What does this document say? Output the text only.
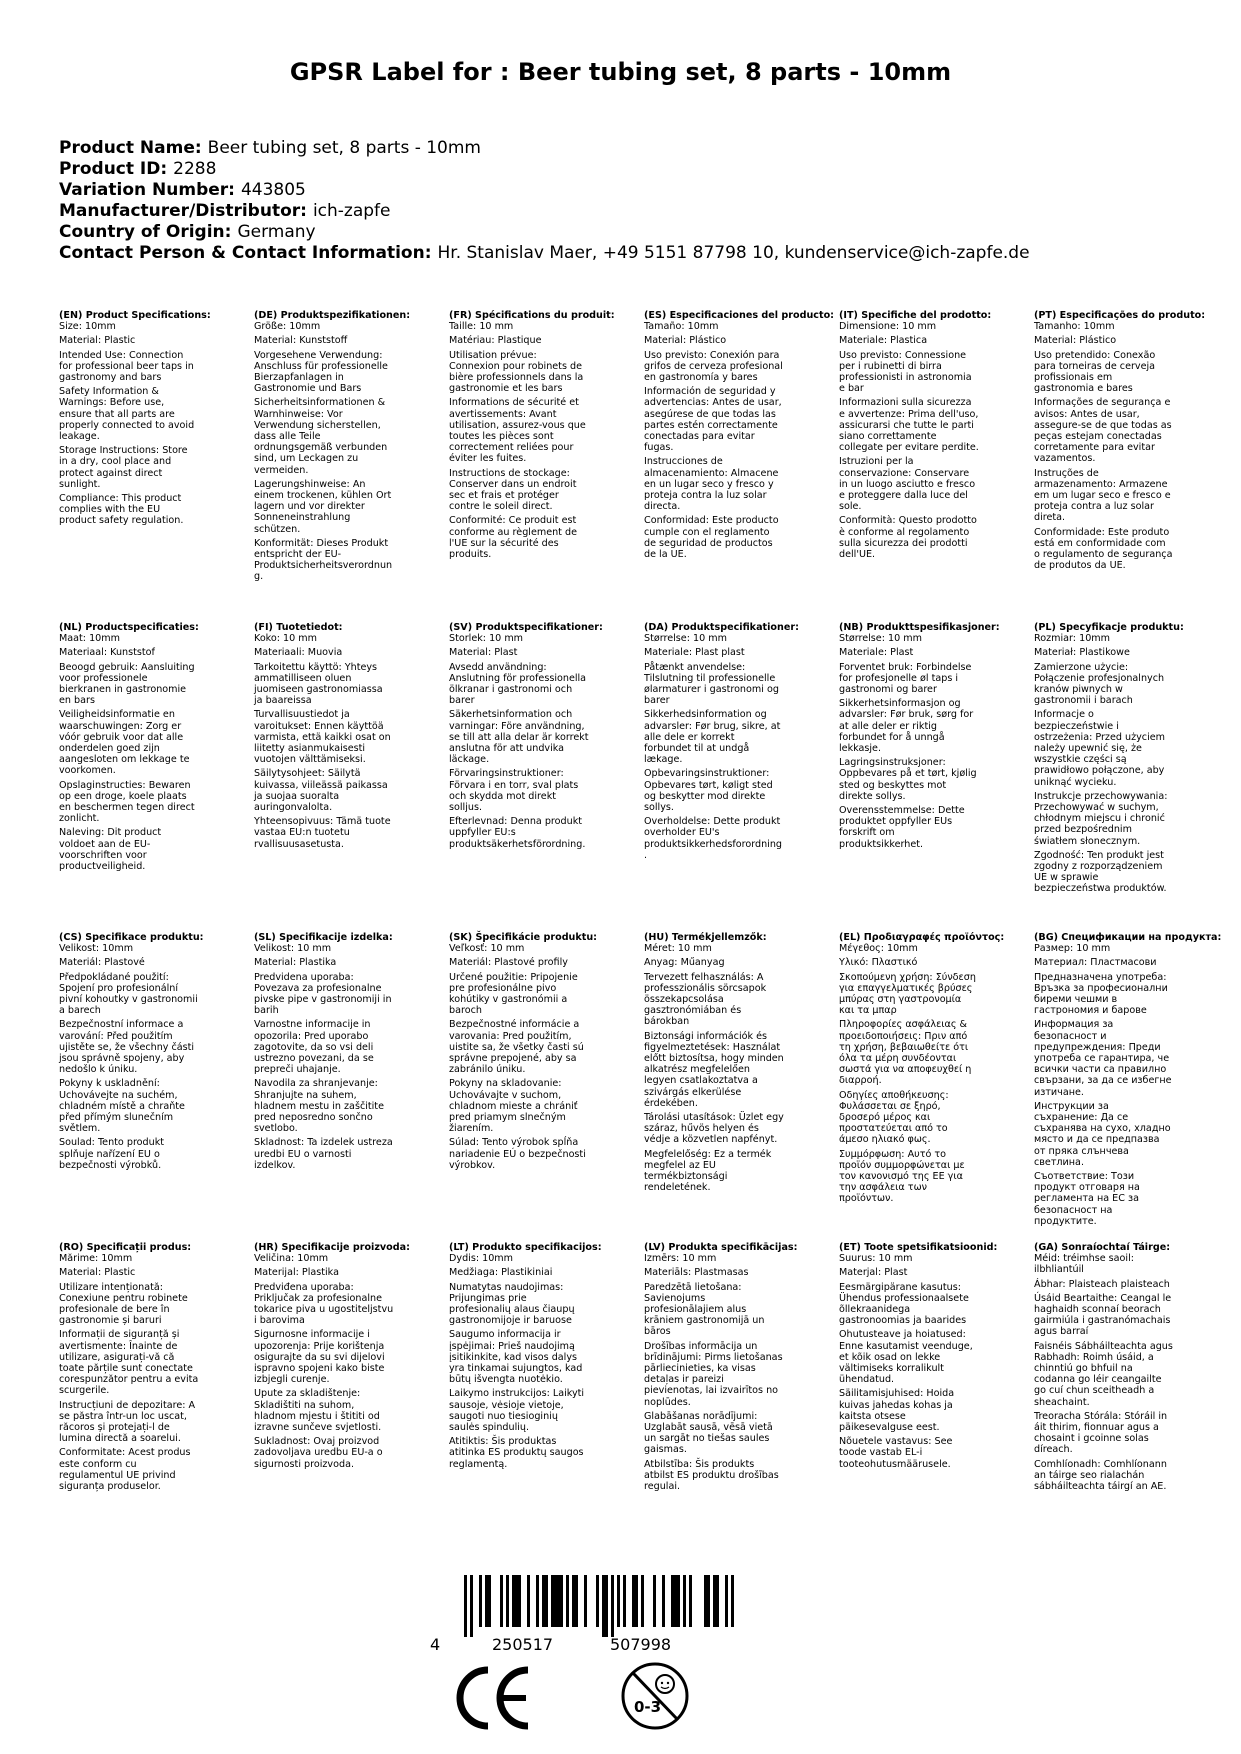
GPSR Label for : Beer tubing set, 8 parts - 10mm
Product Name: Beer tubing set, 8 parts - 10mm
Product ID: 2288
Variation Number: 443805
Manufacturer/Distributor: ich-zapfe
Country of Origin: Germany
Contact Person & Contact Information: Hr. Stanislav Maer, +49 5151 87798 10, kundenservice@ich-zapfe.de
(EN) Product Specifications:
Size: 10mm
Material: Plastic
Intended Use: Connection for professional beer taps in gastronomy and bars
Safety Information & Warnings: Before use, ensure that all parts are properly connected to avoid leakage.
Storage Instructions: Store in a dry, cool place and protect against direct sunlight.
Compliance: This product complies with the EU product safety regulation.
(DE) Produktspezifikationen:
Größe: 10mm
Material: Kunststoff
Vorgesehene Verwendung: Anschluss für professionelle Bierzapfanlagen in Gastronomie und Bars
Sicherheitsinformationen & Warnhinweise: Vor Verwendung sicherstellen, dass alle Teile ordnungsgemäß verbunden sind, um Leckagen zu vermeiden.
Lagerungshinweise: An einem trockenen, kühlen Ort lagern und vor direkter Sonneneinstrahlung schützen.
Konformität: Dieses Produkt entspricht der EU-Produktsicherheitsverordnung.
(FR) Spécifications du produit:
Taille: 10 mm
Matériau: Plastique
Utilisation prévue: Connexion pour robinets de bière professionnels dans la gastronomie et les bars
Informations de sécurité et avertissements: Avant utilisation, assurez-vous que toutes les pièces sont correctement reliées pour éviter les fuites.
Instructions de stockage: Conserver dans un endroit sec et frais et protéger contre le soleil direct.
Conformité: Ce produit est conforme au règlement de l'UE sur la sécurité des produits.
(ES) Especificaciones del producto:
Tamaño: 10mm
Material: Plástico
Uso previsto: Conexión para grifos de cerveza profesional en gastronomía y bares
Información de seguridad y advertencias: Antes de usar, asegúrese de que todas las partes estén correctamente conectadas para evitar fugas.
Instrucciones de almacenamiento: Almacene en un lugar seco y fresco y proteja contra la luz solar directa.
Conformidad: Este producto cumple con el reglamento de seguridad de productos de la UE.
(IT) Specifiche del prodotto:
Dimensione: 10 mm
Materiale: Plastica
Uso previsto: Connessione per i rubinetti di birra professionisti in astronomia e bar
Informazioni sulla sicurezza e avvertenze: Prima dell'uso, assicurarsi che tutte le parti siano correttamente collegate per evitare perdite.
Istruzioni per la conservazione: Conservare in un luogo asciutto e fresco e proteggere dalla luce del sole.
Conformità: Questo prodotto è conforme al regolamento sulla sicurezza dei prodotti dell'UE.
(PT) Especificações do produto:
Tamanho: 10mm
Material: Plástico
Uso pretendido: Conexão para torneiras de cerveja profissionais em gastronomia e bares
Informações de segurança e avisos: Antes de usar, assegure-se de que todas as peças estejam conectadas corretamente para evitar vazamentos.
Instruções de armazenamento: Armazene em um lugar seco e fresco e proteja contra a luz solar direta.
Conformidade: Este produto está em conformidade com o regulamento de segurança de produtos da UE.
(NL) Productspecificaties:
Maat: 10mm
Materiaal: Kunststof
Beoogd gebruik: Aansluiting voor professionele bierkranen in gastronomie en bars
Veiligheidsinformatie en waarschuwingen: Zorg er vóór gebruik voor dat alle onderdelen goed zijn aangesloten om lekkage te voorkomen.
Opslaginstructies: Bewaren op een droge, koele plaats en beschermen tegen direct zonlicht.
Naleving: Dit product voldoet aan de EU-voorschriften voor productveiligheid.
(FI) Tuotetiedot:
Koko: 10 mm
Materiaali: Muovia
Tarkoitettu käyttö: Yhteys ammatilliseen oluen juomiseen gastronomiassa ja baareissa
Turvallisuustiedot ja varoitukset: Ennen käyttöä varmista, että kaikki osat on liitetty asianmukaisesti vuotojen välttämiseksi.
Säilytysohjeet: Säilytä kuivassa, viileässä paikassa ja suojaa suoralta auringonvalolta.
Yhteensopivuus: Tämä tuote vastaa EU:n tuotetu rvallisuusasetusta.
(SV) Produktspecifikationer:
Storlek: 10 mm
Material: Plast
Avsedd användning: Anslutning för professionella ölkranar i gastronomi och barer
Säkerhetsinformation och varningar: Före användning, se till att alla delar är korrekt anslutna för att undvika läckage.
Förvaringsinstruktioner: Förvara i en torr, sval plats och skydda mot direkt solljus.
Efterlevnad: Denna produkt uppfyller EU:s produktsäkerhetsförordning.
(DA) Produktspecifikationer:
Størrelse: 10 mm
Materiale: Plast plast
Påtænkt anvendelse: Tilslutning til professionelle ølarmaturer i gastronomi og barer
Sikkerhedsinformation og advarsler: Før brug, sikre, at alle dele er korrekt forbundet til at undgå lækage.
Opbevaringsinstruktioner: Opbevares tørt, køligt sted og beskytter mod direkte sollys.
Overholdelse: Dette produkt overholder EU's produktsikkerhedsforordning.
(NB) Produkttspesifikasjoner:
Størrelse: 10 mm
Materiale: Plast
Forventet bruk: Forbindelse for profesjonelle øl taps i gastronomi og barer
Sikkerhetsinformasjon og advarsler: Før bruk, sørg for at alle deler er riktig forbundet for å unngå lekkasje.
Lagringsinstruksjoner: Oppbevares på et tørt, kjølig sted og beskyttes mot direkte sollys.
Overensstemmelse: Dette produktet oppfyller EUs forskrift om produktsikkerhet.
(PL) Specyfikacje produktu:
Rozmiar: 10mm
Materiał: Plastikowe
Zamierzone użycie: Połączenie profesjonalnych kranów piwnych w gastronomii i barach
Informacje o bezpieczeństwie i ostrzeżenia: Przed użyciem należy upewnić się, że wszystkie części są prawidłowo połączone, aby uniknąć wycieku.
Instrukcje przechowywania: Przechowywać w suchym, chłodnym miejscu i chronić przed bezpośrednim światłem słonecznym.
Zgodność: Ten produkt jest zgodny z rozporządzeniem UE w sprawie bezpieczeństwa produktów.
(CS) Specifikace produktu:
Velikost: 10mm
Materiál: Plastové
Předpokládané použití: Spojení pro profesionální pivní kohoutky v gastronomii a barech
Bezpečnostní informace a varování: Před použitím ujistěte se, že všechny části jsou správně spojeny, aby nedošlo k úniku.
Pokyny k uskladnění: Uchovávejte na suchém, chladném místě a chraňte před přímým slunečním světlem.
Soulad: Tento produkt splňuje nařízení EU o bezpečnosti výrobků.
(SL) Specifikacije izdelka:
Velikost: 10 mm
Material: Plastika
Predvidena uporaba: Povezava za profesionalne pivske pipe v gastronomiji in barih
Varnostne informacije in opozorila: Pred uporabo zagotovite, da so vsi deli ustrezno povezani, da se prepreči uhajanje.
Navodila za shranjevanje: Shranjujte na suhem, hladnem mestu in zaščitite pred neposredno sončno svetlobo.
Skladnost: Ta izdelek ustreza uredbi EU o varnosti izdelkov.
(SK) Špecifikácie produktu:
Veľkosť: 10 mm
Materiál: Plastové profily
Určené použitie: Pripojenie pre profesionálne pivo kohútiky v gastronómii a baroch
Bezpečnostné informácie a varovania: Pred použitím, uistite sa, že všetky časti sú správne prepojené, aby sa zabránilo úniku.
Pokyny na skladovanie: Uchovávajte v suchom, chladnom mieste a chrániť pred priamym slnečným žiarením.
Súlad: Tento výrobok spĺňa nariadenie EÚ o bezpečnosti výrobkov.
(HU) Termékjellemzők:
Méret: 10 mm
Anyag: Műanyag
Tervezett felhasználás: A professzionális sörcsapok összekapcsolása gasztronómiában és bárokban
Biztonsági információk és figyelmeztetések: Használat előtt biztosítsa, hogy minden alkatrész megfelelően legyen csatlakoztatva a szivárgás elkerülése érdekében.
Tárolási utasítások: Üzlet egy száraz, hűvös helyen és védje a közvetlen napfényt.
Megfelelőség: Ez a termék megfelel az EU termékbiztonsági rendeletének.
(EL) Προδιαγραφές προϊόντος:
Μέγεθος: 10mm
Υλικό: Πλαστικό
Σκοπούμενη χρήση: Σύνδεση για επαγγελματικές βρύσες μπύρας στη γαστρονομία και τα μπαρ
Πληροφορίες ασφάλειας & προειδοποιήσεις: Πριν από τη χρήση, βεβαιωθείτε ότι όλα τα μέρη συνδέονται σωστά για να αποφευχθεί η διαρροή.
Οδηγίες αποθήκευσης: Φυλάσσεται σε ξηρό, δροσερό μέρος και προστατεύεται από το άμεσο ηλιακό φως.
Συμμόρφωση: Αυτό το προϊόν συμμορφώνεται με τον κανονισμό της ΕΕ για την ασφάλεια των προϊόντων.
(BG) Спецификации на продукта:
Размер: 10 mm
Материал: Пластмасови
Предназначена употреба: Връзка за професионални биреми чешми в гастрономия и барове
Информация за безопасност и предупреждения: Преди употреба се гарантира, че всички части са правилно свързани, за да се избегне изтичане.
Инструкции за съхранение: Да се съхранява на сухо, хладно място и да се предпазва от пряка слънчева светлина.
Съответствие: Този продукт отговаря на регламента на ЕС за безопасност на продуктите.
(RO) Specificații produs:
Mărime: 10mm
Material: Plastic
Utilizare intenționată: Conexiune pentru robinete profesionale de bere în gastronomie și baruri
Informații de siguranță și avertismente: Înainte de utilizare, asigurați-vă că toate părțile sunt conectate corespunzător pentru a evita scurgerile.
Instrucțiuni de depozitare: A se păstra într-un loc uscat, răcoros și protejați-l de lumina directă a soarelui.
Conformitate: Acest produs este conform cu regulamentul UE privind siguranța produselor.
(HR) Specifikacije proizvoda:
Veličina: 10mm
Materijal: Plastika
Predviđena uporaba: Priključak za profesionalne tokarice piva u ugostiteljstvu i barovima
Sigurnosne informacije i upozorenja: Prije korištenja osigurajte da su svi dijelovi ispravno spojeni kako biste izbjegli curenje.
Upute za skladištenje: Skladištiti na suhom, hladnom mjestu i štititi od izravne sunčeve svjetlosti.
Sukladnost: Ovaj proizvod zadovoljava uredbu EU-a o sigurnosti proizvoda.
(LT) Produkto specifikacijos:
Dydis: 10mm
Medžiaga: Plastikiniai
Numatytas naudojimas: Prijungimas prie profesionalių alaus čiaupų gastronomijoje ir baruose
Saugumo informacija ir įspėjimai: Prieš naudojimą įsitikinkite, kad visos dalys yra tinkamai sujungtos, kad būtų išvengta nuotėkio.
Laikymo instrukcijos: Laikyti sausoje, vėsioje vietoje, saugoti nuo tiesioginių saulės spindulių.
Atitiktis: Šis produktas atitinka ES produktų saugos reglamentą.
(LV) Produkta specifikācijas:
Izmērs: 10 mm
Materiāls: Plastmasas
Paredzētā lietošana: Savienojums profesionālajiem alus krāniem gastronomijā un bāros
Drošības informācija un brīdinājumi: Pirms lietošanas pārliecinieties, ka visas detaļas ir pareizi pievienotas, lai izvairītos no noplūdes.
Glabāšanas norādījumi: Uzglabāt sausā, vēsā vietā un sargāt no tiešas saules gaismas.
Atbilstība: Šis produkts atbilst ES produktu drošības regulai.
(ET) Toote spetsifikatsioonid:
Suurus: 10 mm
Materjal: Plast
Eesmärgipärane kasutus: Ühendus professionaalsete õllekraanidega gastronoomias ja baarides
Ohutusteave ja hoiatused: Enne kasutamist veenduge, et kõik osad on lekke vältimiseks korralikult ühendatud.
Säilitamisjuhised: Hoida kuivas jahedas kohas ja kaitsta otsese päikesevalguse eest.
Nõuetele vastavus: See toode vastab EL-i tooteohutusmäärusele.
(GA) Sonraíochtaí Táirge:
Méid: tréimhse saoil: ilbhliantúil
Ábhar: Plaisteach plaisteach
Úsáid Beartaithe: Ceangal le haghaidh sconnaí beorach gairmiúla i gastranómachais agus barraí
Faisnéis Sábháilteachta agus Rabhadh: Roimh úsáid, a chinntiú go bhfuil na codanna go léir ceangailte go cuí chun sceitheadh a sheachaint.
Treoracha Stórála: Stóráil in áit thirim, fionnuar agus a chosaint i gcoinne solas díreach.
Comhlíonadh: Comhlíonann an táirge seo rialachán sábháilteachta táirgí an AE.
4	250517	507998
0-3
